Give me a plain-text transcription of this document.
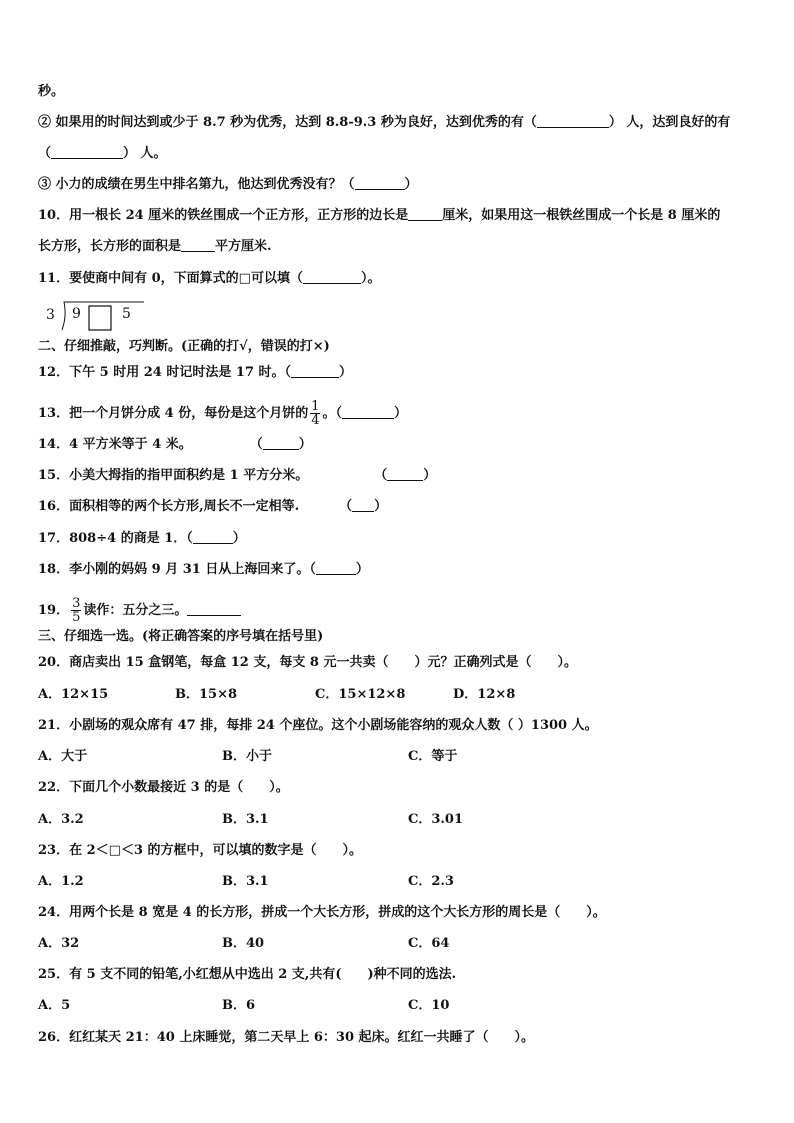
秒。
② 如果用的时间达到或少于 8.7 秒为优秀，达到 8.8-9.3 秒为良好，达到优秀的有（	） 人，达到良好的有
（	） 人。
③ 小力的成绩在男生中排名第九，他达到优秀没有？（	）
10．用一根长 24 厘米的铁丝围成一个正方形，正方形的边长是	厘米，如果用这一根铁丝围成一个长是 8 厘米的
长方形，长方形的面积是	平方厘米.
11．要使商中间有 0，下面算式的□可以填（	）。
3 9	5
二、仔细推敲，巧判断。(正确的打√，错误的打×)
12．下午 5 时用 24 时记时法是 17 时。（	）
13．把一个月饼分成 4 份，每份是这个月饼的 $\frac{1}{4}$ 。（	）
14．4 平方米等于 4 米。	（	）
15．小美大拇指的指甲面积约是 1 平方分米。	（	）
16．面积相等的两个长方形,周长不一定相等.	（ ）
17．808÷4 的商是 1．（	）
18．李小刚的妈妈 9 月 31 日从上海回来了。（	）
19． $\frac{3}{5}$ 读作：五分之三。
三、仔细选一选。(将正确答案的序号填在括号里)
20．商店卖出 15 盒钢笔，每盒 12 支，每支 8 元一共卖（　　）元？正确列式是（　　）。
A．12×15	B．15×8	C．15×12×8	D．12×8
21．小剧场的观众席有 47 排，每排 24 个座位。这个小剧场能容纳的观众人数（ ）1300 人。
A．大于	B．小于	C．等于
22．下面几个小数最接近 3 的是（　　）。
A．3.2	B．3.1	C．3.01
23．在 2＜□＜3 的方框中，可以填的数字是（　　）。
A．1.2	B．3.1	C．2.3
24．用两个长是 8 宽是 4 的长方形，拼成一个大长方形，拼成的这个大长方形的周长是（　　）。
A．32	B．40	C．64
25．有 5 支不同的铅笔,小红想从中选出 2 支,共有(　　)种不同的选法.
A．5	B．6	C．10
26．红红某天 21：40 上床睡觉，第二天早上 6：30 起床。红红一共睡了（　　）。
